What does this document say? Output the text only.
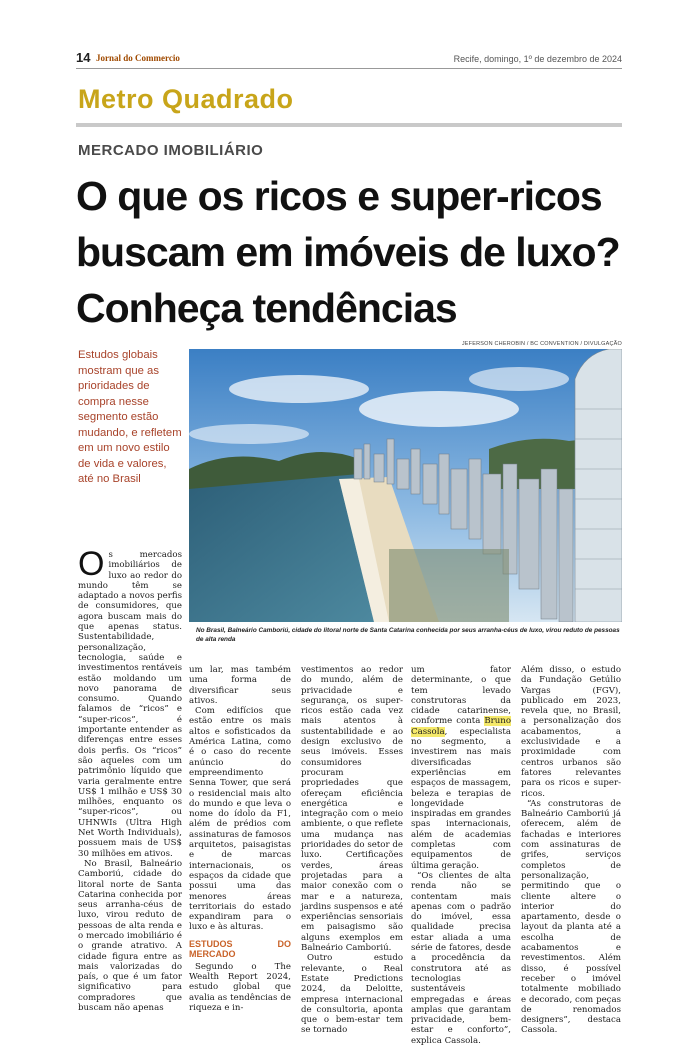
14 Jornal do Commercio	Recife, domingo, 1º de dezembro de 2024
Metro Quadrado
MERCADO IMOBILIÁRIO
O que os ricos e super-ricos buscam em imóveis de luxo? Conheça tendências
JEFERSON CHEROBIN / BC CONVENTION / DIVULGAÇÃO
Estudos globais mostram que as prioridades de compra nesse segmento estão mudando, e refletem em um novo estilo de vida e valores, até no Brasil
No Brasil, Balneário Camboriú, cidade do litoral norte de Santa Catarina conhecida por seus arranha-céus de luxo, virou reduto de pessoas de alta renda
O s mercados imobiliários de luxo ao redor do mundo têm se adaptado a novos perfis de consumidores, que agora buscam mais do que apenas status. Sustentabilidade, personalização, tecnologia, saúde e investimentos rentáveis estão moldando um novo panorama de consumo. Quando falamos de “ricos” e “super-ricos”, é importante entender as diferenças entre esses dois perfis. Os “ricos” são aqueles com um patrimônio líquido que varia geralmente entre US$ 1 milhão e US$ 30 milhões, enquanto os “super-ricos”, ou UHNWIs (Ultra High Net Worth Individuals), possuem mais de US$ 30 milhões em ativos.

No Brasil, Balneário Camboriú, cidade do litoral norte de Santa Catarina conhecida por seus arranha-céus de luxo, virou reduto de pessoas de alta renda e o mercado imobiliário é o grande atrativo. A cidade figura entre as mais valorizadas do país, o que é um fator significativo para compradores que buscam não apenas

um lar, mas também uma forma de diversificar seus ativos.

Com edifícios que estão entre os mais altos e sofisticados da América Latina, como é o caso do recente anúncio do empreendimento Senna Tower, que será o residencial mais alto do mundo e que leva o nome do ídolo da F1, além de prédios com assinaturas de famosos arquitetos, paisagistas e de marcas internacionais, os espaços da cidade que possui uma das menores áreas territoriais do estado expandiram para o luxo e às alturas.

ESTUDOS DO MERCADO

Segundo o The Wealth Report 2024, estudo global que avalia as tendências de riqueza e in-

vestimentos ao redor do mundo, além de privacidade e segurança, os super-ricos estão cada vez mais atentos à sustentabilidade e ao design exclusivo de seus imóveis. Esses consumidores procuram propriedades que ofereçam eficiência energética e integração com o meio ambiente, o que reflete uma mudança nas prioridades do setor de luxo. Certificações verdes, áreas projetadas para a maior conexão com o mar e a natureza, jardins suspensos e até experiências sensoriais em paisagismo são alguns exemplos em Balneário Camboriú.

Outro estudo relevante, o Real Estate Predictions 2024, da Deloitte, empresa internacional de consultoria, aponta que o bem-estar tem se tornado

um fator determinante, o que tem levado construtoras da cidade catarinense, conforme conta Bruno Cassola, especialista no segmento, a investirem nas mais diversificadas experiências em espaços de massagem, beleza e terapias de longevidade inspiradas em grandes spas internacionais, além de academias completas com equipamentos de última geração.

“Os clientes de alta renda não se contentam mais apenas com o padrão do imóvel, essa qualidade precisa estar aliada a uma série de fatores, desde a procedência da construtora até as tecnologias sustentáveis empregadas e áreas amplas que garantam privacidade, bem-estar e conforto”, explica Cassola.

Além disso, o estudo da Fundação Getúlio Vargas (FGV), publicado em 2023, revela que, no Brasil, a personalização dos acabamentos, a exclusividade e a proximidade com centros urbanos são fatores relevantes para os ricos e super-ricos.

“As construtoras de Balneário Camboriú já oferecem, além de fachadas e interiores com assinaturas de grifes, serviços completos de personalização, permitindo que o cliente altere o interior do apartamento, desde o layout da planta até a escolha de acabamentos e revestimentos. Além disso, é possível receber o imóvel totalmente mobiliado e decorado, com peças de renomados designers”, destaca Cassola.
